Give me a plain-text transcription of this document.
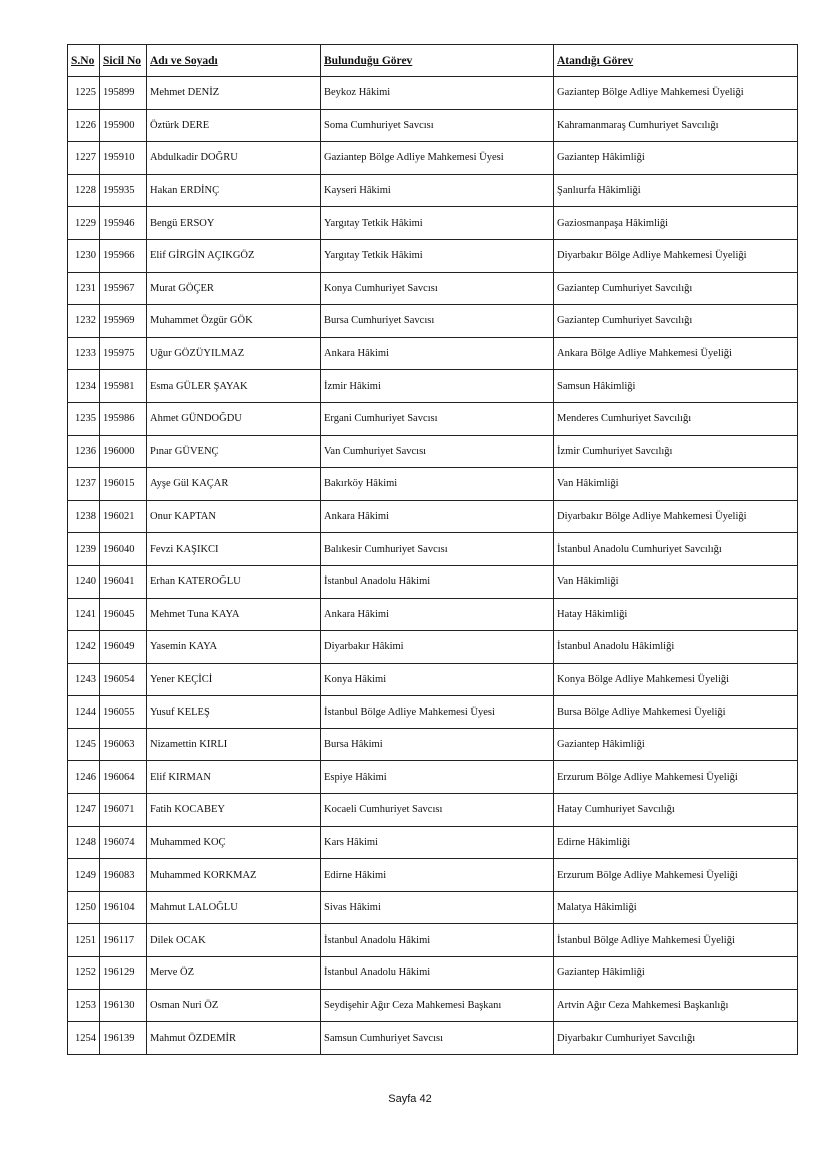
S.No	Sicil No	Adı ve Soyadı	Bulunduğu Görev	Atandığı Görev
1225	195899	Mehmet DENİZ	Beykoz Hâkimi	Gaziantep Bölge Adliye Mahkemesi Üyeliği
1226	195900	Öztürk DERE	Soma Cumhuriyet Savcısı	Kahramanmaraş Cumhuriyet Savcılığı
1227	195910	Abdulkadir DOĞRU	Gaziantep Bölge Adliye Mahkemesi Üyesi	Gaziantep Hâkimliği
1228	195935	Hakan ERDİNÇ	Kayseri Hâkimi	Şanlıurfa Hâkimliği
1229	195946	Bengü ERSOY	Yargıtay Tetkik Hâkimi	Gaziosmanpaşa Hâkimliği
1230	195966	Elif GİRGİN AÇIKGÖZ	Yargıtay Tetkik Hâkimi	Diyarbakır Bölge Adliye Mahkemesi Üyeliği
1231	195967	Murat GÖÇER	Konya Cumhuriyet Savcısı	Gaziantep Cumhuriyet Savcılığı
1232	195969	Muhammet Özgür GÖK	Bursa Cumhuriyet Savcısı	Gaziantep Cumhuriyet Savcılığı
1233	195975	Uğur GÖZÜYILMAZ	Ankara Hâkimi	Ankara Bölge Adliye Mahkemesi Üyeliği
1234	195981	Esma GÜLER ŞAYAK	İzmir Hâkimi	Samsun Hâkimliği
1235	195986	Ahmet GÜNDOĞDU	Ergani Cumhuriyet Savcısı	Menderes Cumhuriyet Savcılığı
1236	196000	Pınar GÜVENÇ	Van Cumhuriyet Savcısı	İzmir Cumhuriyet Savcılığı
1237	196015	Ayşe Gül KAÇAR	Bakırköy Hâkimi	Van Hâkimliği
1238	196021	Onur KAPTAN	Ankara Hâkimi	Diyarbakır Bölge Adliye Mahkemesi Üyeliği
1239	196040	Fevzi KAŞIKCI	Balıkesir Cumhuriyet Savcısı	İstanbul Anadolu Cumhuriyet Savcılığı
1240	196041	Erhan KATEROĞLU	İstanbul Anadolu Hâkimi	Van Hâkimliği
1241	196045	Mehmet Tuna KAYA	Ankara Hâkimi	Hatay Hâkimliği
1242	196049	Yasemin KAYA	Diyarbakır Hâkimi	İstanbul Anadolu Hâkimliği
1243	196054	Yener KEÇİCİ	Konya Hâkimi	Konya Bölge Adliye Mahkemesi Üyeliği
1244	196055	Yusuf KELEŞ	İstanbul Bölge Adliye Mahkemesi Üyesi	Bursa Bölge Adliye Mahkemesi Üyeliği
1245	196063	Nizamettin KIRLI	Bursa Hâkimi	Gaziantep Hâkimliği
1246	196064	Elif KIRMAN	Espiye Hâkimi	Erzurum Bölge Adliye Mahkemesi Üyeliği
1247	196071	Fatih KOCABEY	Kocaeli Cumhuriyet Savcısı	Hatay Cumhuriyet Savcılığı
1248	196074	Muhammed KOÇ	Kars Hâkimi	Edirne Hâkimliği
1249	196083	Muhammed KORKMAZ	Edirne Hâkimi	Erzurum Bölge Adliye Mahkemesi Üyeliği
1250	196104	Mahmut LALOĞLU	Sivas Hâkimi	Malatya Hâkimliği
1251	196117	Dilek OCAK	İstanbul Anadolu Hâkimi	İstanbul Bölge Adliye Mahkemesi Üyeliği
1252	196129	Merve ÖZ	İstanbul Anadolu Hâkimi	Gaziantep Hâkimliği
1253	196130	Osman Nuri ÖZ	Seydişehir Ağır Ceza Mahkemesi Başkanı	Artvin Ağır Ceza Mahkemesi Başkanlığı
1254	196139	Mahmut ÖZDEMİR	Samsun Cumhuriyet Savcısı	Diyarbakır Cumhuriyet Savcılığı
Sayfa 42
